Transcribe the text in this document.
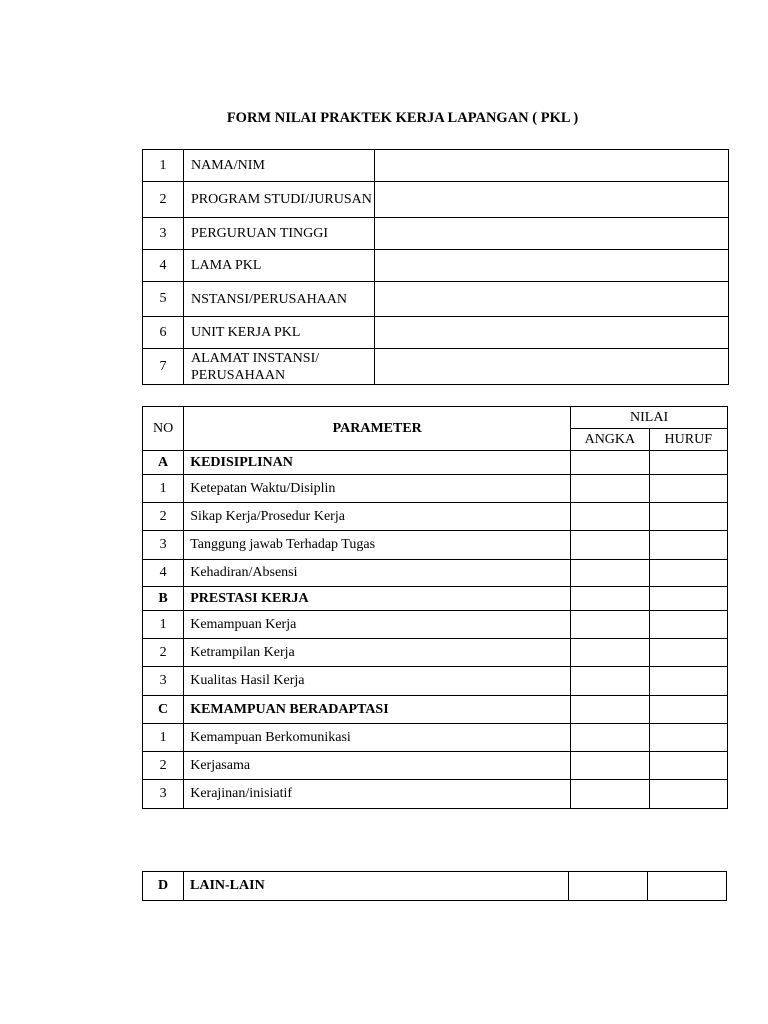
FORM NILAI PRAKTEK KERJA LAPANGAN ( PKL )
1	NAMA/NIM	
2	PROGRAM STUDI/JURUSAN	
3	PERGURUAN TINGGI	
4	LAMA PKL	
5	NSTANSI/PERUSAHAAN	
6	UNIT KERJA PKL	
7	ALAMAT INSTANSI/ PERUSAHAAN	
NO	PARAMETER	NILAI	
		ANGKA	HURUF
A	KEDISIPLINAN		
1	Ketepatan Waktu/Disiplin		
2	Sikap Kerja/Prosedur Kerja		
3	Tanggung jawab Terhadap Tugas		
4	Kehadiran/Absensi		
B	PRESTASI KERJA		
1	Kemampuan Kerja		
2	Ketrampilan Kerja		
3	Kualitas Hasil Kerja		
C	KEMAMPUAN BERADAPTASI		
1	Kemampuan Berkomunikasi		
2	Kerjasama		
3	Kerajinan/inisiatif		
D	LAIN-LAIN		
